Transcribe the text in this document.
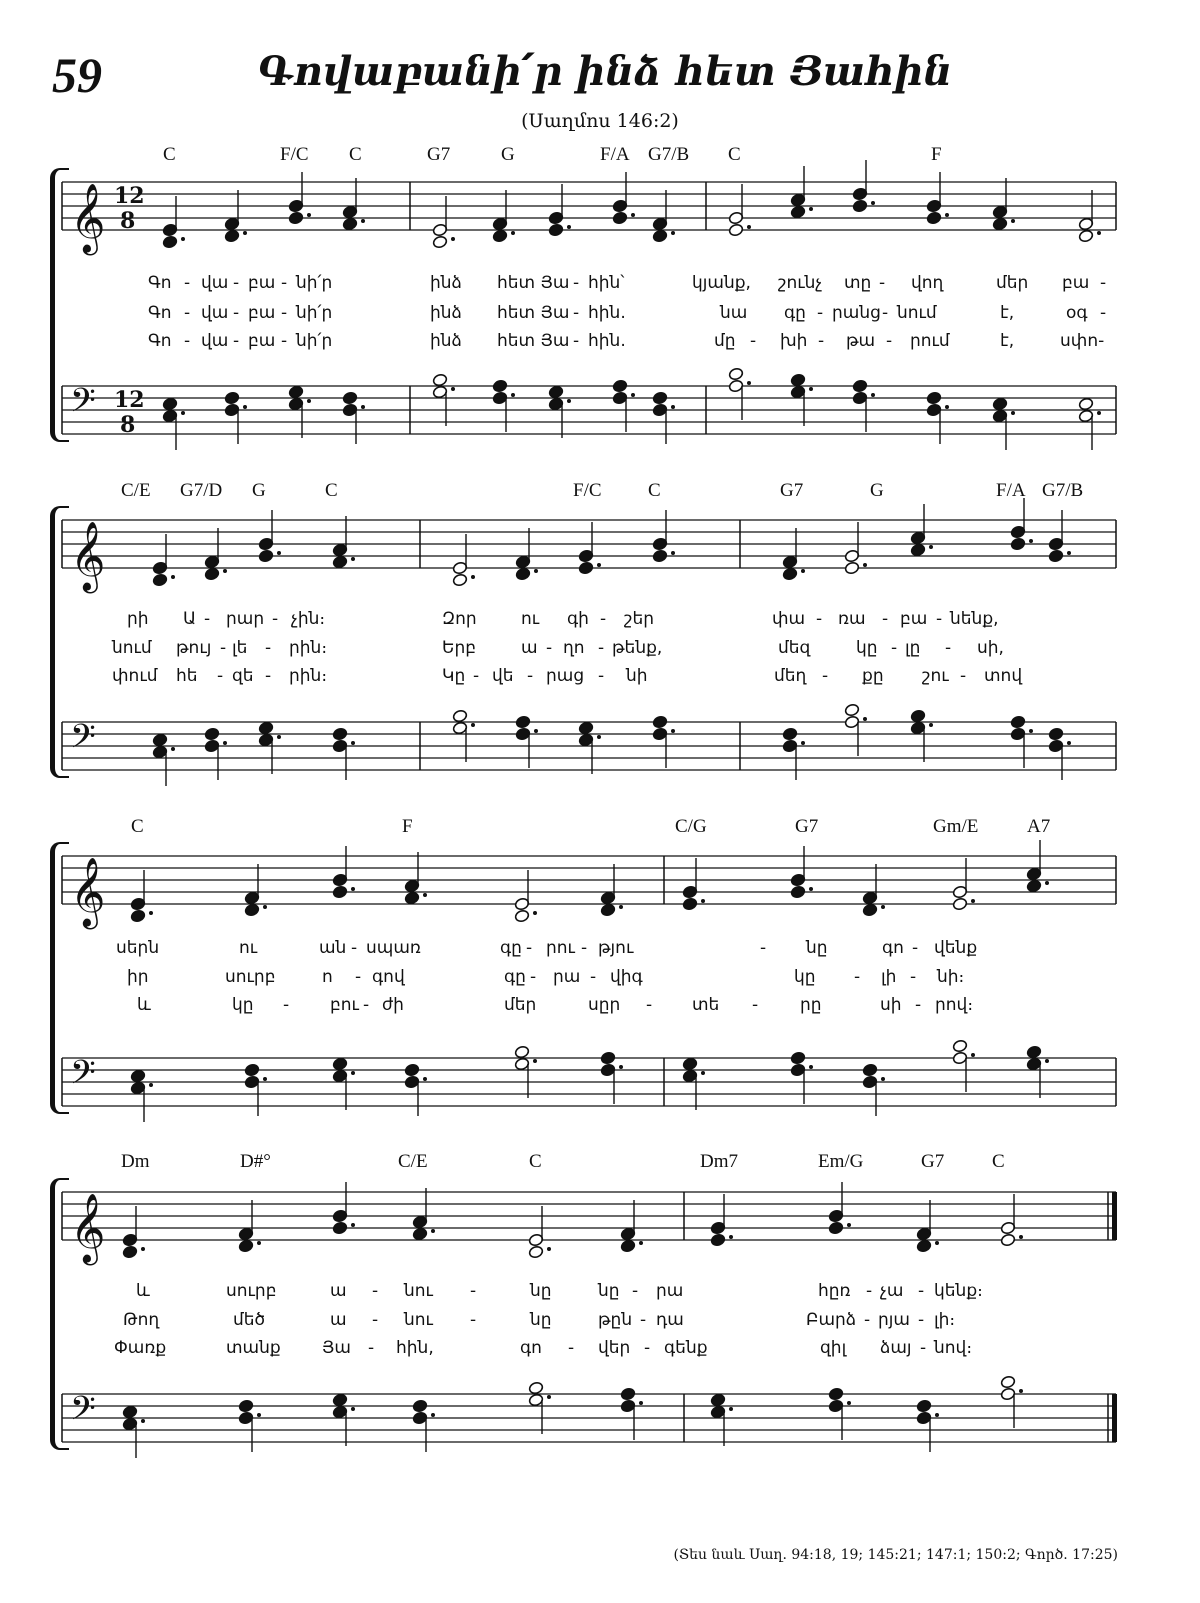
59	Գովաբանի՛ր ինձ հետ Յահին
(Սաղմոս 146:2)
𝄞 12
8
𝄢 12
8
C	F/C C	G7	G	F/A G7/B C	F
Գո - վա - բա - նի՛ր	ինձ հետ Յա - հին՝	կյանք, շունչ տը - վող	մեր բա -
Գո - վա - բա - նի՛ր	ինձ հետ Յա - հին.	նա գը - րանց - նում	է,	օգ -
Գո - վա - բա - նի՛ր	ինձ հետ Յա - հին.	մը - խի - թա - րում	է,	սփո-
𝄞
𝄢
C/E G7/D G	C	F/C C	G7	G	F/A G7/B
րի Ա - րար - չին։	Զոր	ու գի - շեր	փա - ռա - բա - նենք,
նում թույ - լե - րին։	Երբ	ա - ղո - թենք,	մեզ	կը - լը - սի,
փում հե - զե - րին։	Կը - վե - րաց - նի	մեղ - քը շու - տով
𝄞
𝄢
C	F	C/G	G7	Gm/E	A7
սերն	ու	ան - սպառ	գը - րու - թյու	- նը	գո - վենք
իր	սուրբ	ո - գով	գը - րա - վիգ	կը - լի - նի։
և	կը - բու - ժի	մեր	սըր - տե - րը	սի - րով։
𝄞
𝄢
Dm	D#°	C/E	C	Dm7	Em/G	G7	C
և	սուրբ	ա - նու -	նը	նը - րա	հըռ - չա - կենք։
Թող	մեծ	ա - նու -	նը	թըն - դա	Բարձ - րյա - լի։
Փառք	տանք Յա - հին,	գո - վեր - գենք	զիլ ձայ - նով։
(Տես նաև Սաղ. 94:18, 19; 145:21; 147:1; 150:2; Գործ. 17:25)
